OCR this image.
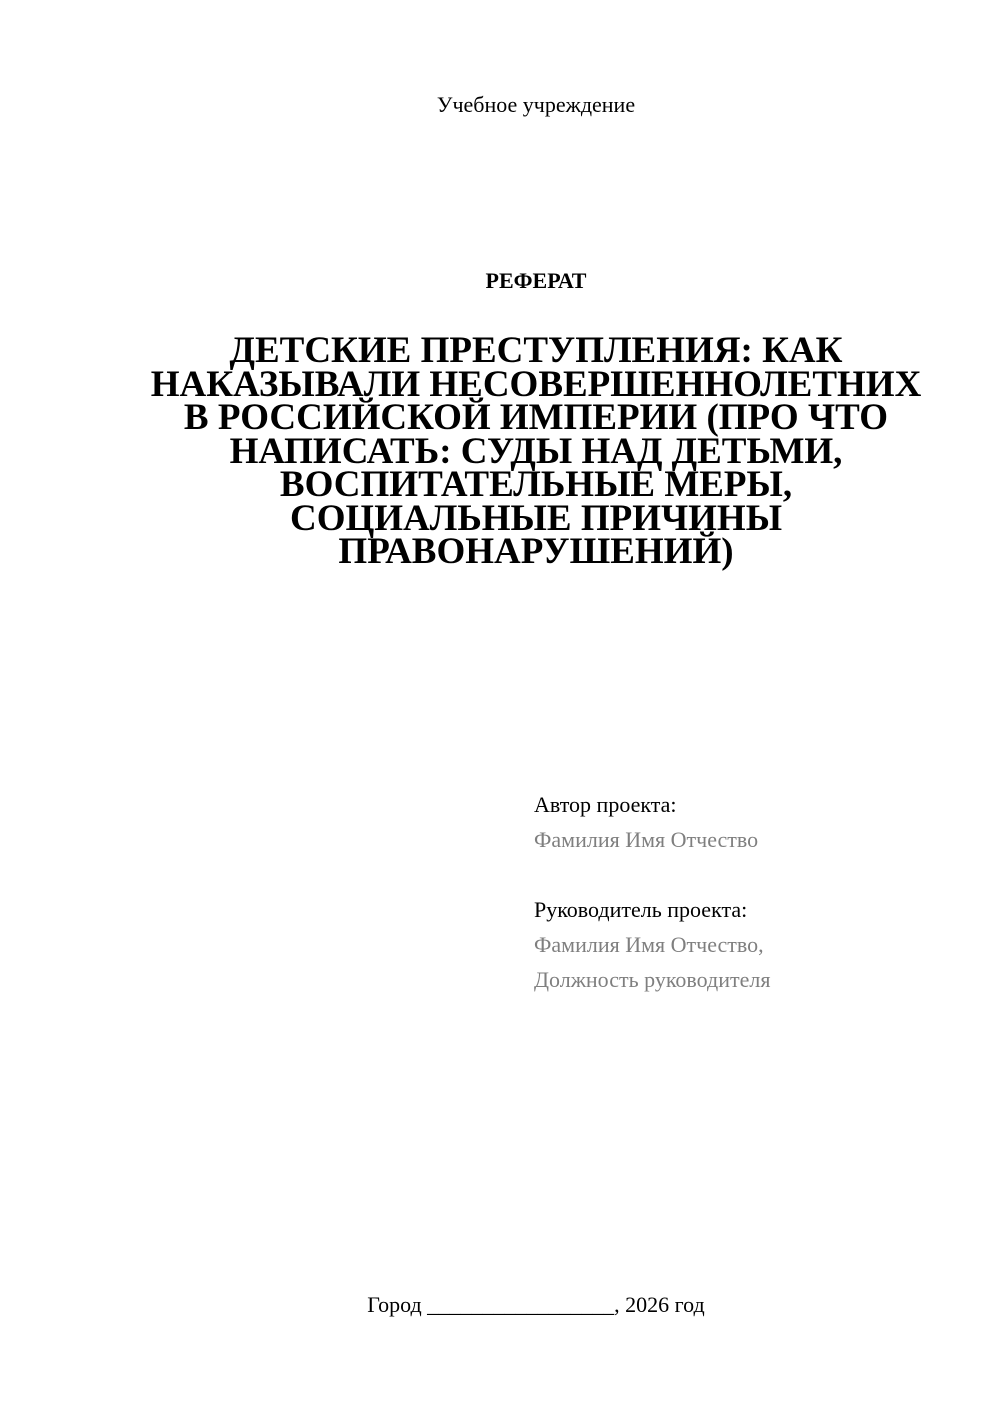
Учебное учреждение
РЕФЕРАТ
ДЕТСКИЕ ПРЕСТУПЛЕНИЯ: КАК НАКАЗЫВАЛИ НЕСОВЕРШЕННОЛЕТНИХ В РОССИЙСКОЙ ИМПЕРИИ (ПРО ЧТО НАПИСАТЬ: СУДЫ НАД ДЕТЬМИ, ВОСПИТАТЕЛЬНЫЕ МЕРЫ, СОЦИАЛЬНЫЕ ПРИЧИНЫ ПРАВОНАРУШЕНИЙ)
Автор проекта:
Фамилия Имя Отчество
Руководитель проекта:
Фамилия Имя Отчество,
Должность руководителя
Город _________________, 2026 год
